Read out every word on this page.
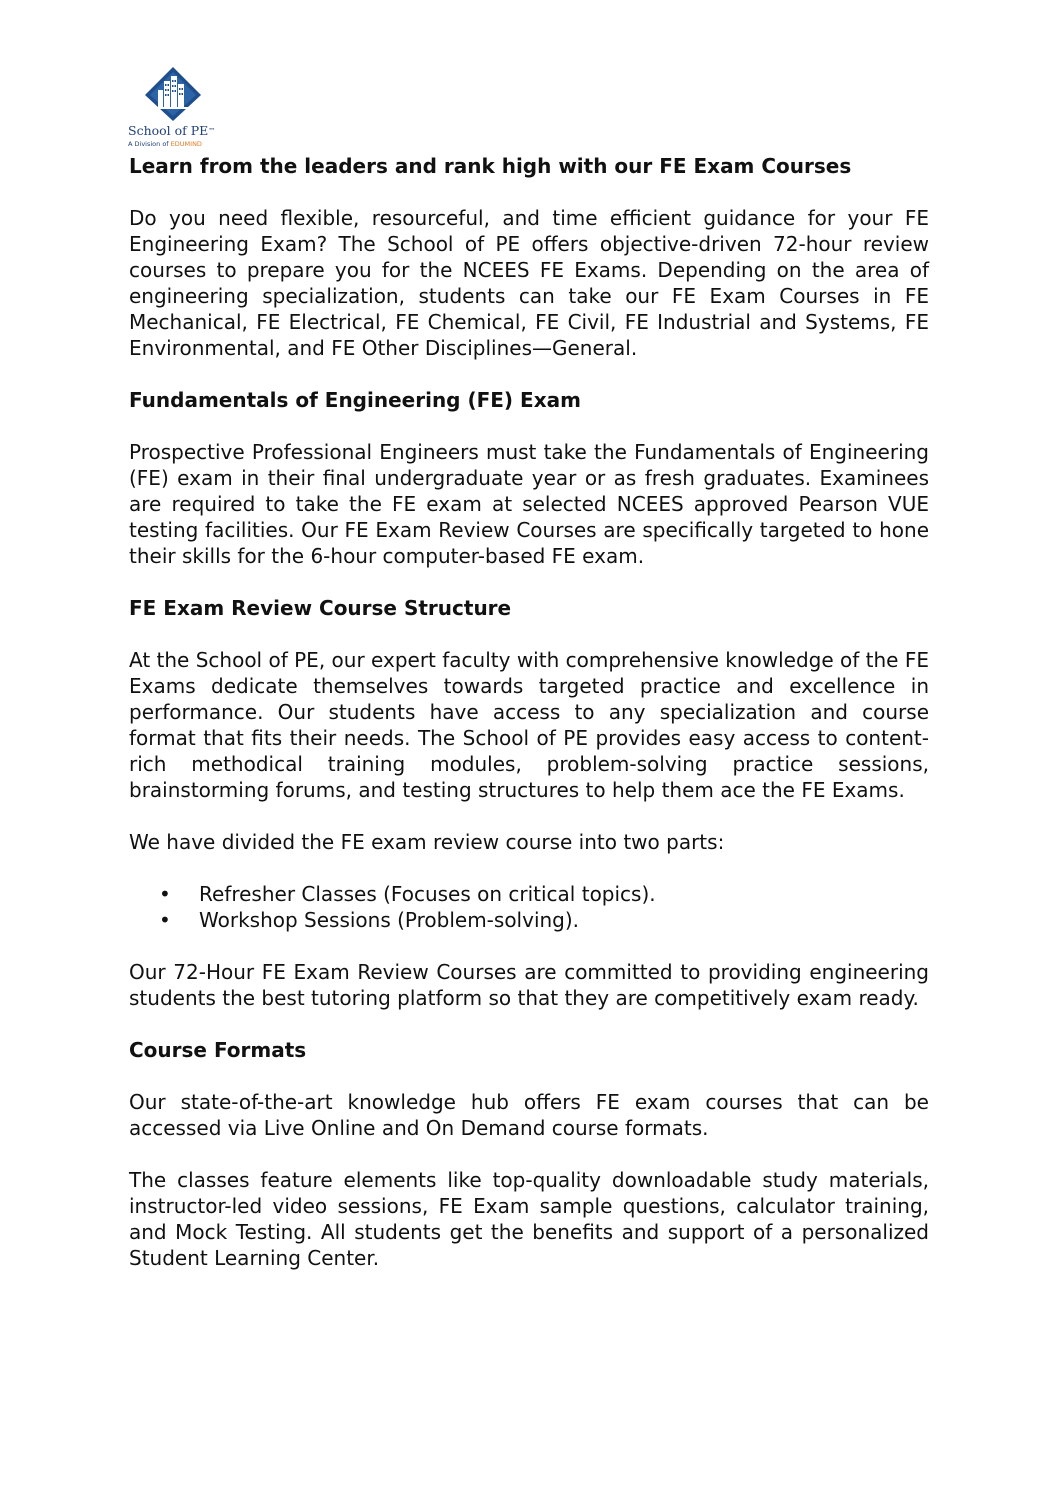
School of PE™
A Division of EDUMIND
Learn from the leaders and rank high with our FE Exam Courses

Do you need flexible, resourceful, and time efficient guidance for your FE Engineering Exam? The School of PE offers objective-driven 72-hour review courses to prepare you for the NCEES FE Exams. Depending on the area of engineering specialization, students can take our FE Exam Courses in FE Mechanical, FE Electrical, FE Chemical, FE Civil, FE Industrial and Systems, FE Environmental, and FE Other Disciplines—General.

Fundamentals of Engineering (FE) Exam

Prospective Professional Engineers must take the Fundamentals of Engineering (FE) exam in their final undergraduate year or as fresh graduates. Examinees are required to take the FE exam at selected NCEES approved Pearson VUE testing facilities. Our FE Exam Review Courses are specifically targeted to hone their skills for the 6-hour computer-based FE exam.

FE Exam Review Course Structure

At the School of PE, our expert faculty with comprehensive knowledge of the FE Exams dedicate themselves towards targeted practice and excellence in performance. Our students have access to any specialization and course format that fits their needs. The School of PE provides easy access to content-rich methodical training modules, problem-solving practice sessions, brainstorming forums, and testing structures to help them ace the FE Exams.

We have divided the FE exam review course into two parts:

• Refresher Classes (Focuses on critical topics).
• Workshop Sessions (Problem-solving).

Our 72-Hour FE Exam Review Courses are committed to providing engineering students the best tutoring platform so that they are competitively exam ready.

Course Formats

Our state-of-the-art knowledge hub offers FE exam courses that can be accessed via Live Online and On Demand course formats.

The classes feature elements like top-quality downloadable study materials, instructor-led video sessions, FE Exam sample questions, calculator training, and Mock Testing. All students get the benefits and support of a personalized Student Learning Center.
